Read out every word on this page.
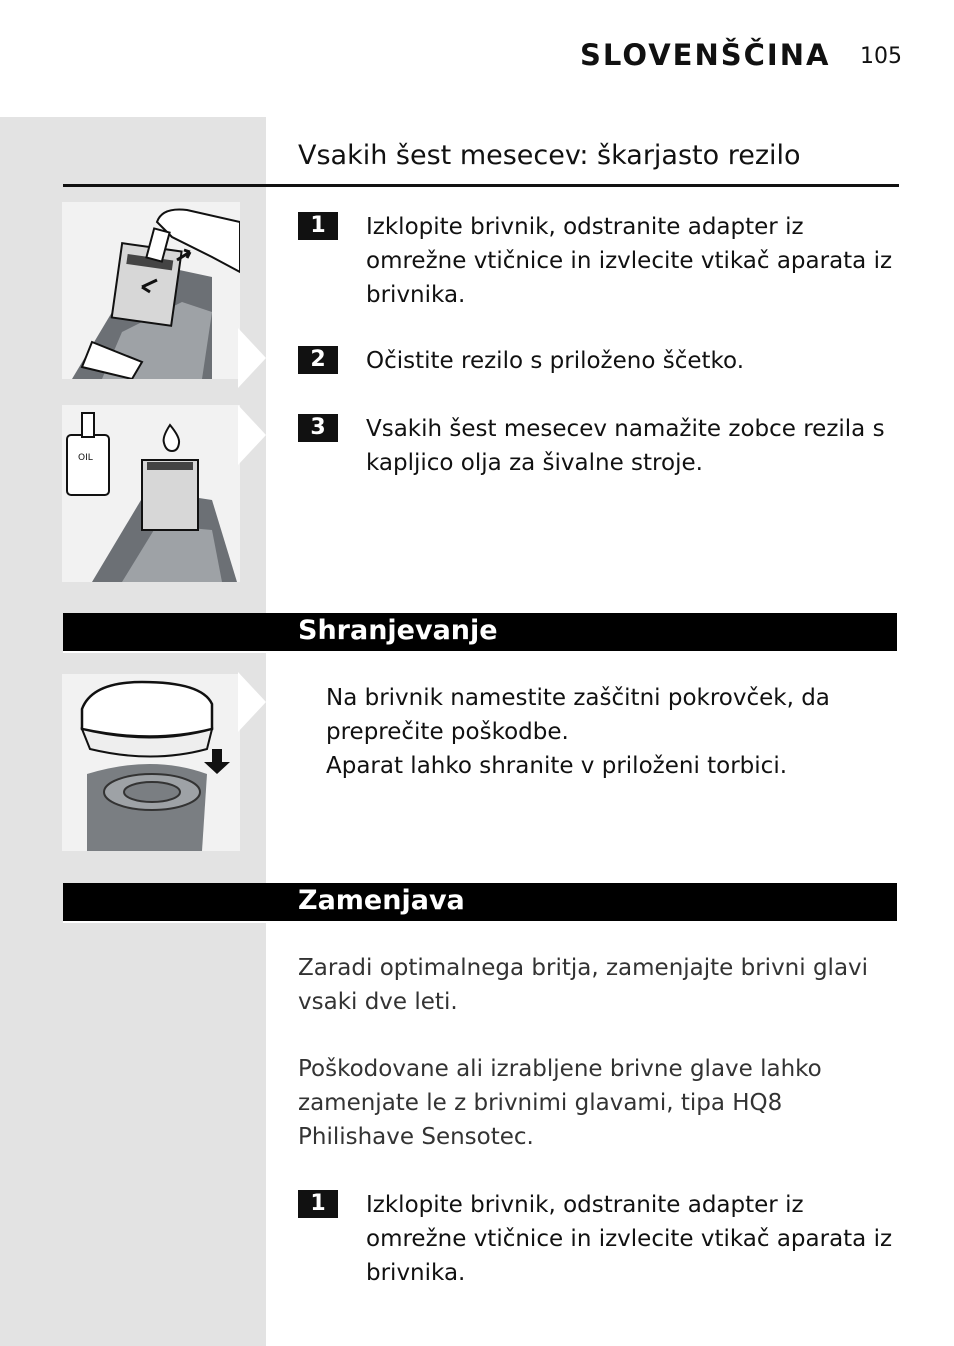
SLOVENŠČINA 105
Vsakih šest mesecev: škarjasto rezilo
OIL
1	Izklopite brivnik, odstranite adapter iz omrežne vtičnice in izvlecite vtikač aparata iz brivnika.
2	Očistite rezilo s priloženo ščetko.
3	Vsakih šest mesecev namažite zobce rezila s kapljico olja za šivalne stroje.
Shranjevanje
Na brivnik namestite zaščitni pokrovček, da preprečite poškodbe.
Aparat lahko shranite v priloženi torbici.
Zamenjava
Zaradi optimalnega britja, zamenjajte brivni glavi vsaki dve leti.
Poškodovane ali izrabljene brivne glave lahko zamenjate le z brivnimi glavami, tipa HQ8 Philishave Sensotec.
1	Izklopite brivnik, odstranite adapter iz omrežne vtičnice in izvlecite vtikač aparata iz brivnika.
